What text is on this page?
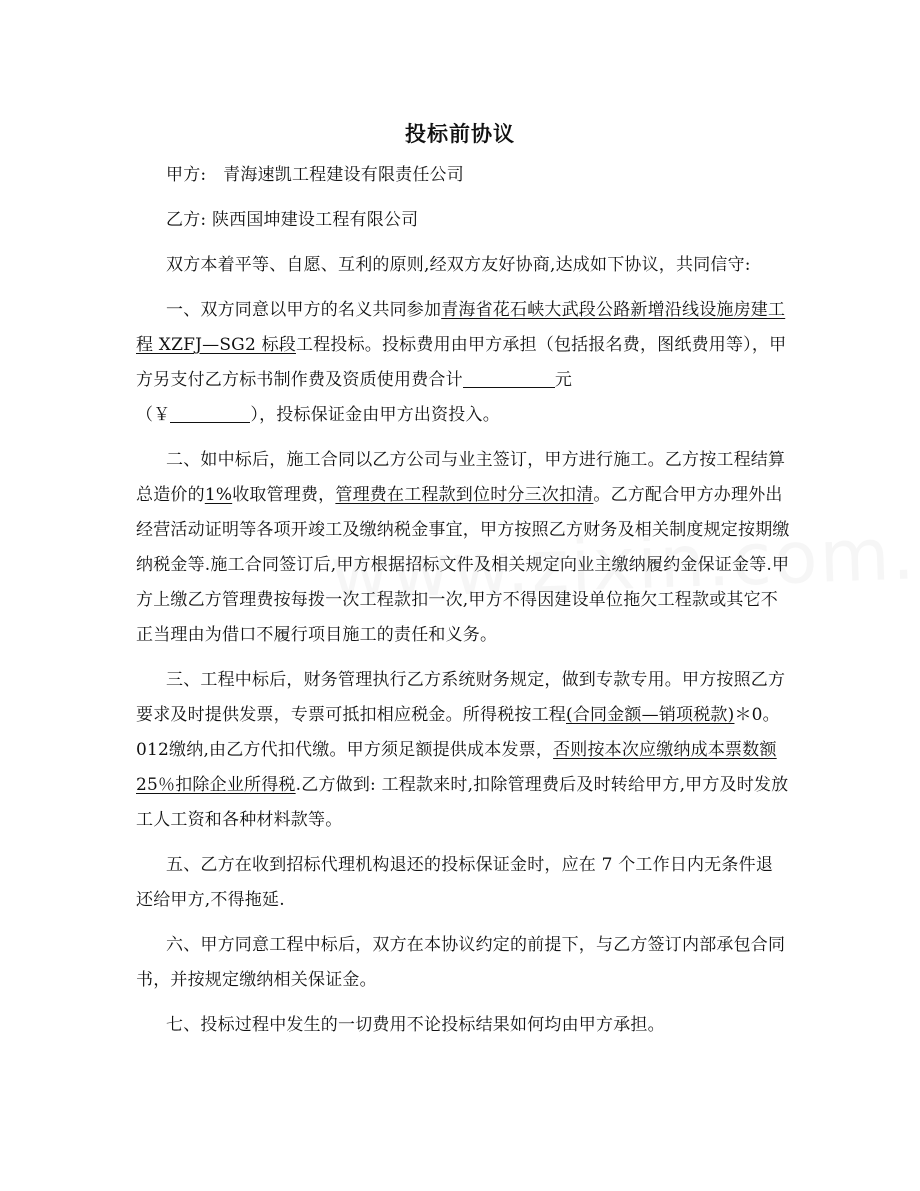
投标前协议

甲方: 青海速凯工程建设有限责任公司

乙方: 陕西国坤建设工程有限公司

双方本着平等、自愿、互利的原则,经双方友好协商,达成如下协议，共同信守:

一、双方同意以甲方的名义共同参加青海省花石峡大武段公路新增沿线设施房建工程 XZFJ—SG2 标段工程投标。投标费用由甲方承担（包括报名费，图纸费用等），甲方另支付乙方标书制作费及资质使用费合计	元
（￥	），投标保证金由甲方出资投入。

二、如中标后，施工合同以乙方公司与业主签订，甲方进行施工。乙方按工程结算总造价的1%收取管理费，管理费在工程款到位时分三次扣清。乙方配合甲方办理外出经营活动证明等各项开竣工及缴纳税金事宜，甲方按照乙方财务及相关制度规定按期缴纳税金等.施工合同签订后,甲方根据招标文件及相关规定向业主缴纳履约金保证金等.甲方上缴乙方管理费按每拨一次工程款扣一次,甲方不得因建设单位拖欠工程款或其它不正当理由为借口不履行项目施工的责任和义务。

三、工程中标后，财务管理执行乙方系统财务规定，做到专款专用。甲方按照乙方要求及时提供发票，专票可抵扣相应税金。所得税按工程(合同金额—销项税款)＊0。012缴纳,由乙方代扣代缴。甲方须足额提供成本发票，否则按本次应缴纳成本票数额25％扣除企业所得税.乙方做到: 工程款来时,扣除管理费后及时转给甲方,甲方及时发放工人工资和各种材料款等。

五、乙方在收到招标代理机构退还的投标保证金时，应在 7 个工作日内无条件退还给甲方,不得拖延.

六、甲方同意工程中标后，双方在本协议约定的前提下，与乙方签订内部承包合同书，并按规定缴纳相关保证金。

七、投标过程中发生的一切费用不论投标结果如何均由甲方承担。
